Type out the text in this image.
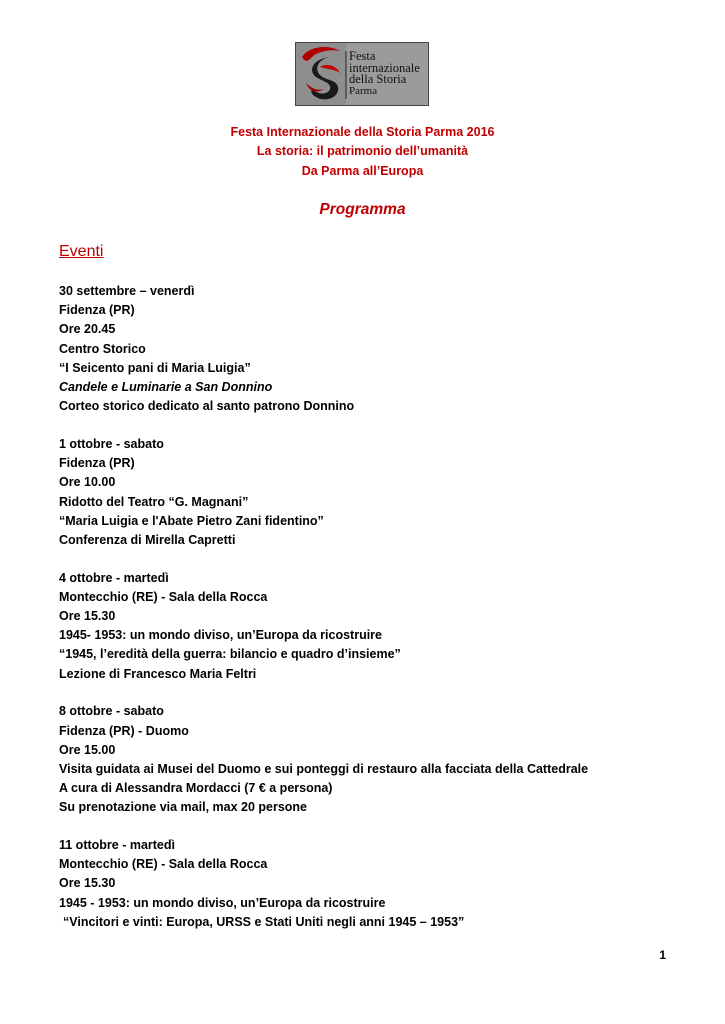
Festa
internazionale
della Storia
Parma
Festa Internazionale della Storia Parma 2016
La storia: il patrimonio dell’umanità
Da Parma all’Europa
Programma
Eventi
30 settembre – venerdì
Fidenza (PR)
Ore 20.45
Centro Storico
“I Seicento pani di Maria Luigia”
Candele e Luminarie a San Donnino
Corteo storico dedicato al santo patrono Donnino
1 ottobre - sabato
Fidenza (PR)
Ore 10.00
Ridotto del Teatro “G. Magnani”
“Maria Luigia e l'Abate Pietro Zani fidentino”
Conferenza di Mirella Capretti
4 ottobre - martedì
Montecchio (RE) - Sala della Rocca
Ore 15.30
1945- 1953: un mondo diviso, un’Europa da ricostruire
“1945, l’eredità della guerra: bilancio e quadro d’insieme”
Lezione di Francesco Maria Feltri
8 ottobre - sabato
Fidenza (PR) - Duomo
Ore 15.00
Visita guidata ai Musei del Duomo e sui ponteggi di restauro alla facciata della Cattedrale
A cura di Alessandra Mordacci (7 € a persona)
Su prenotazione via mail, max 20 persone
11 ottobre - martedì
Montecchio (RE) - Sala della Rocca
Ore 15.30
1945 - 1953: un mondo diviso, un’Europa da ricostruire
“Vincitori e vinti: Europa, URSS e Stati Uniti negli anni 1945 – 1953”
1
